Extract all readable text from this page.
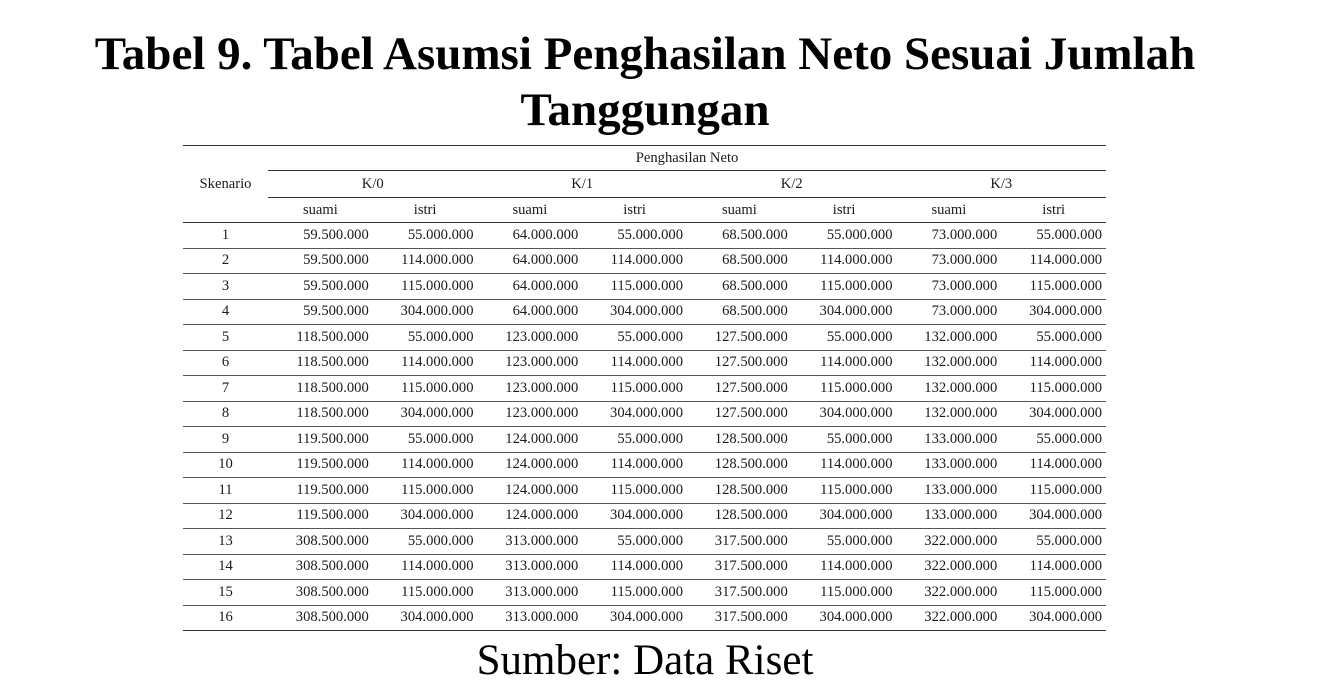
Tabel 9. Tabel Asumsi Penghasilan Neto Sesuai Jumlah
Tanggungan
Skenario	Penghasilan Neto							
	K/0		K/1		K/2		K/3	
	suami	istri	suami	istri	suami	istri	suami	istri
1	59.500.000	55.000.000	64.000.000	55.000.000	68.500.000	55.000.000	73.000.000	55.000.000
2	59.500.000	114.000.000	64.000.000	114.000.000	68.500.000	114.000.000	73.000.000	114.000.000
3	59.500.000	115.000.000	64.000.000	115.000.000	68.500.000	115.000.000	73.000.000	115.000.000
4	59.500.000	304.000.000	64.000.000	304.000.000	68.500.000	304.000.000	73.000.000	304.000.000
5	118.500.000	55.000.000	123.000.000	55.000.000	127.500.000	55.000.000	132.000.000	55.000.000
6	118.500.000	114.000.000	123.000.000	114.000.000	127.500.000	114.000.000	132.000.000	114.000.000
7	118.500.000	115.000.000	123.000.000	115.000.000	127.500.000	115.000.000	132.000.000	115.000.000
8	118.500.000	304.000.000	123.000.000	304.000.000	127.500.000	304.000.000	132.000.000	304.000.000
9	119.500.000	55.000.000	124.000.000	55.000.000	128.500.000	55.000.000	133.000.000	55.000.000
10	119.500.000	114.000.000	124.000.000	114.000.000	128.500.000	114.000.000	133.000.000	114.000.000
11	119.500.000	115.000.000	124.000.000	115.000.000	128.500.000	115.000.000	133.000.000	115.000.000
12	119.500.000	304.000.000	124.000.000	304.000.000	128.500.000	304.000.000	133.000.000	304.000.000
13	308.500.000	55.000.000	313.000.000	55.000.000	317.500.000	55.000.000	322.000.000	55.000.000
14	308.500.000	114.000.000	313.000.000	114.000.000	317.500.000	114.000.000	322.000.000	114.000.000
15	308.500.000	115.000.000	313.000.000	115.000.000	317.500.000	115.000.000	322.000.000	115.000.000
16	308.500.000	304.000.000	313.000.000	304.000.000	317.500.000	304.000.000	322.000.000	304.000.000
Sumber: Data Riset
